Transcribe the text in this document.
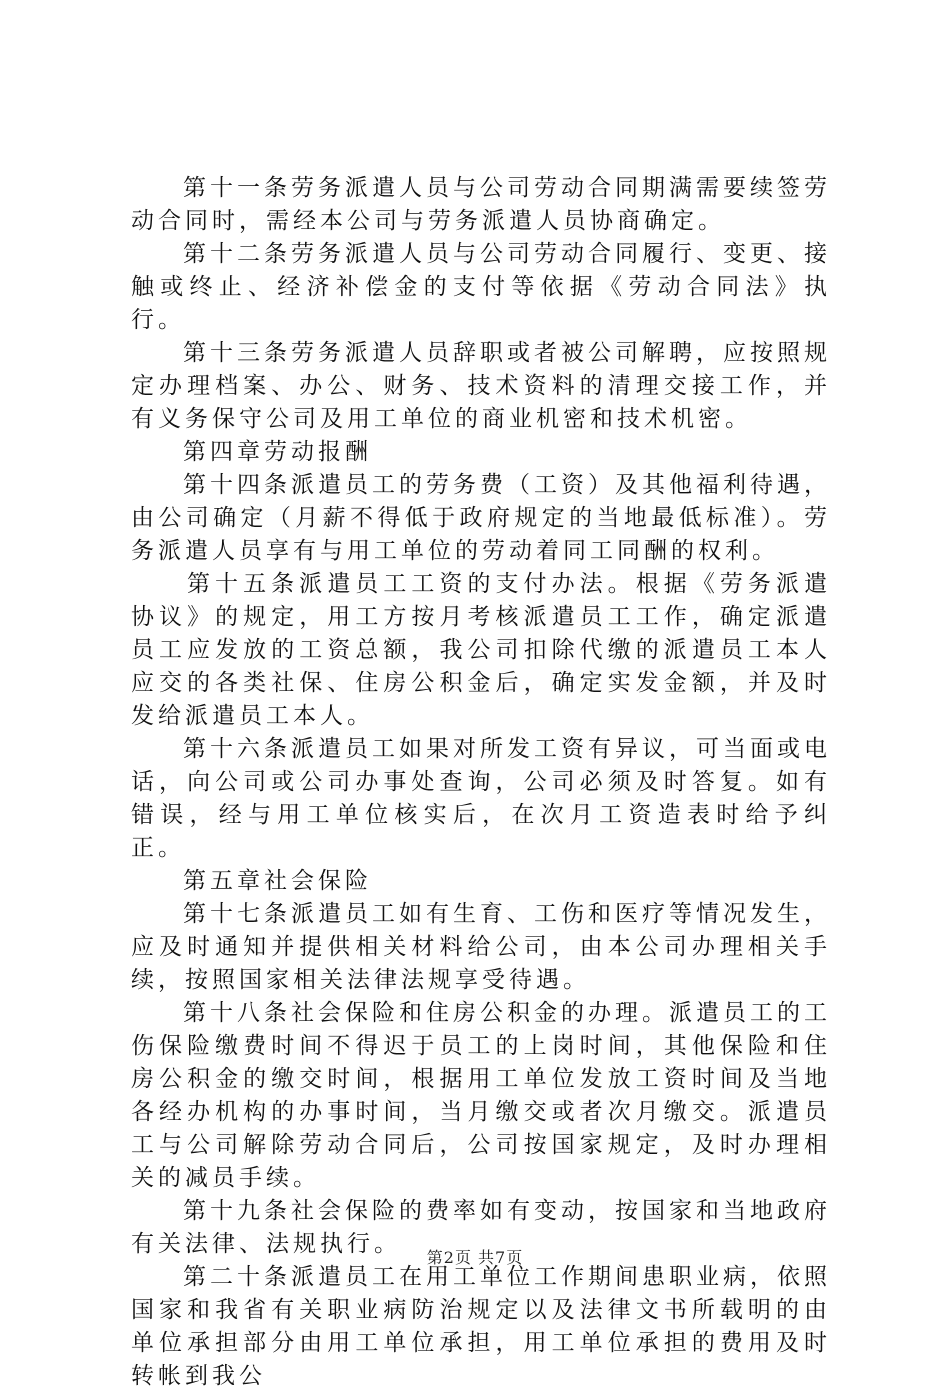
第十一条劳务派遣人员与公司劳动合同期满需要续签劳动合同时，需经本公司与劳务派遣人员协商确定。

第十二条劳务派遣人员与公司劳动合同履行、变更、接触或终止、经济补偿金的支付等依据《劳动合同法》执行。

第十三条劳务派遣人员辞职或者被公司解聘，应按照规定办理档案、办公、财务、技术资料的清理交接工作，并有义务保守公司及用工单位的商业机密和技术机密。

第四章劳动报酬

第十四条派遣员工的劳务费（工资）及其他福利待遇，由公司确定（月薪不得低于政府规定的当地最低标准）。劳务派遣人员享有与用工单位的劳动着同工同酬的权利。

第十五条派遣员工工资的支付办法。根据《劳务派遣协议》的规定，用工方按月考核派遣员工工作，确定派遣员工应发放的工资总额，我公司扣除代缴的派遣员工本人应交的各类社保、住房公积金后，确定实发金额，并及时发给派遣员工本人。

第十六条派遣员工如果对所发工资有异议，可当面或电话，向公司或公司办事处查询，公司必须及时答复。如有错误，经与用工单位核实后，在次月工资造表时给予纠正。

第五章社会保险

第十七条派遣员工如有生育、工伤和医疗等情况发生，应及时通知并提供相关材料给公司，由本公司办理相关手续，按照国家相关法律法规享受待遇。

第十八条社会保险和住房公积金的办理。派遣员工的工伤保险缴费时间不得迟于员工的上岗时间，其他保险和住房公积金的缴交时间，根据用工单位发放工资时间及当地各经办机构的办事时间，当月缴交或者次月缴交。派遣员工与公司解除劳动合同后，公司按国家规定，及时办理相关的减员手续。

第十九条社会保险的费率如有变动，按国家和当地政府有关法律、法规执行。

第二十条派遣员工在用工单位工作期间患职业病，依照国家和我省有关职业病防治规定以及法律文书所载明的由单位承担部分由用工单位承担，用工单位承担的费用及时转帐到我公

第2页 共7页
